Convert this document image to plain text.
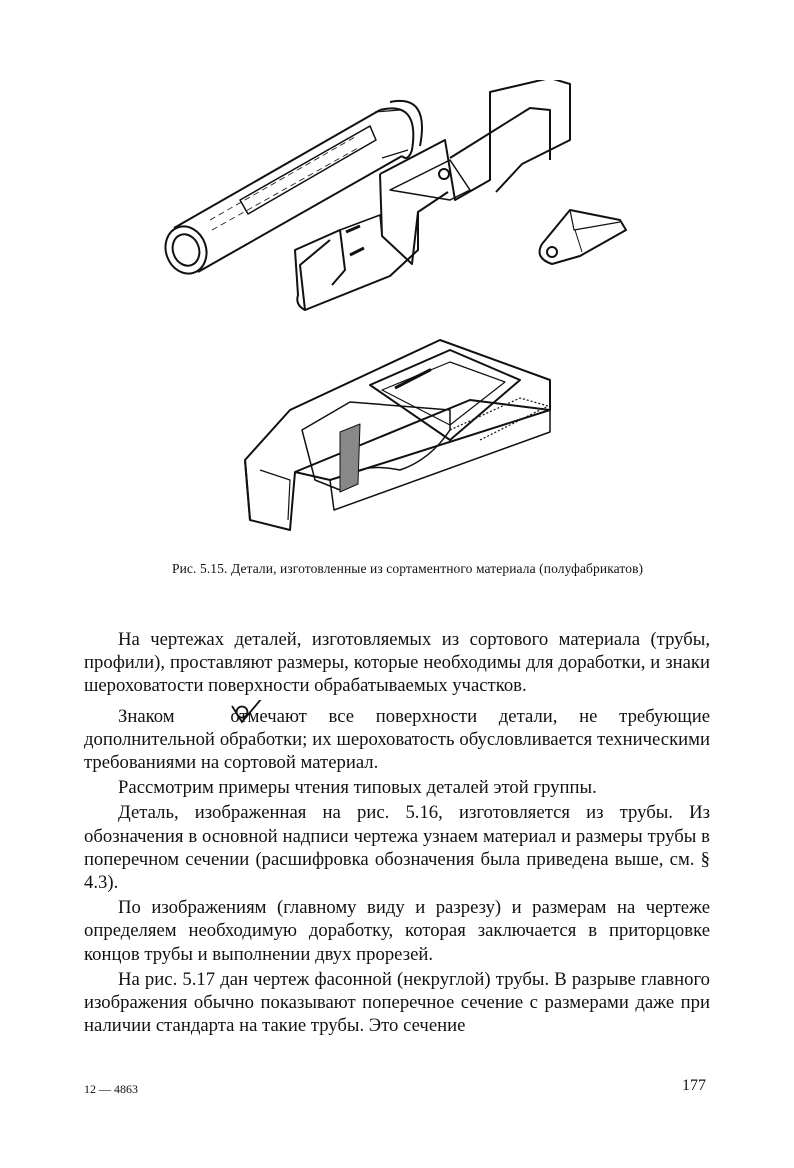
Рис. 5.15. Детали, изготовленные из сортаментного материала (полуфабрикатов)

На чертежах деталей, изготовляемых из сортового материала (трубы, профили), проставляют размеры, которые необходимы для доработки, и знаки шероховатости поверхности обрабатываемых участков.

Знаком	отмечают все поверхности детали, не требующие дополнительной обработки; их шероховатость обусловливается техническими требованиями на сортовой материал.

Рассмотрим примеры чтения типовых деталей этой группы.

Деталь, изображенная на рис. 5.16, изготовляется из трубы. Из обозначения в основной надписи чертежа узнаем материал и размеры трубы в поперечном сечении (расшифровка обозначения была приведена выше, см. § 4.3).

По изображениям (главному виду и разрезу) и размерам на чертеже определяем необходимую доработку, которая заключается в приторцовке концов трубы и выполнении двух прорезей.

На рис. 5.17 дан чертеж фасонной (некруглой) трубы. В разрыве главного изображения обычно показывают поперечное сечение с размерами даже при наличии стандарта на такие трубы. Это сечение

12 — 4863	177
